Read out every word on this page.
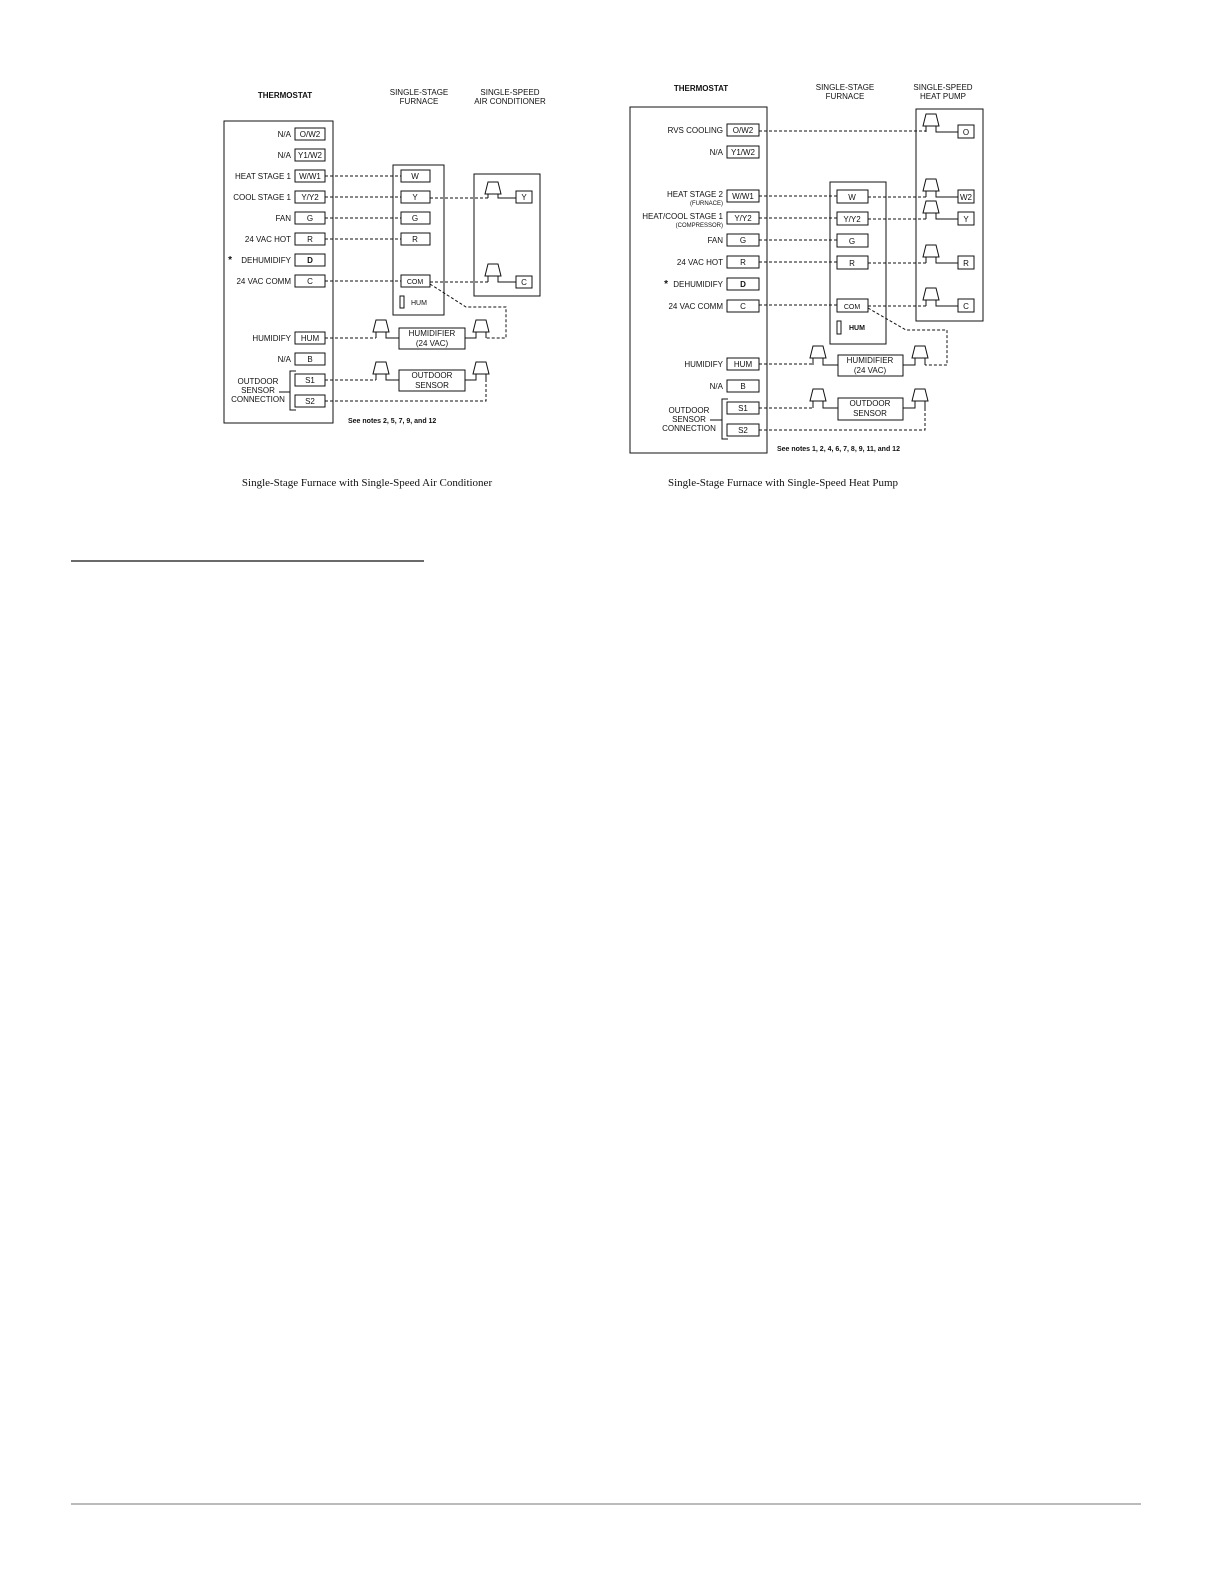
THERMOSTAT	SINGLE-STAGE
FURNACE
SINGLE-SPEED
AIR CONDITIONER
N/A O/W2
N/A Y1/W2
HEAT STAGE 1 W/W1
COOL STAGE 1 Y/Y2
FAN G
24 VAC HOT R
* DEHUMIDIFY D
24 VAC COMM C
HUMIDIFY HUM
N/A B
S1
S2
OUTDOOR
SENSOR
CONNECTION
W
Y
G
R
COM
HUM
Y
C
HUMIDIFIER
(24 VAC)
OUTDOOR
SENSOR
See notes 2, 5, 7, 9, and 12
Single-Stage Furnace with Single-Speed Air Conditioner
THERMOSTAT	SINGLE-STAGE
FURNACE
SINGLE-SPEED
HEAT PUMP
RVS COOLING O/W2
N/A Y1/W2
HEAT STAGE 2
(FURNACE)
W/W1
HEAT/COOL STAGE 1
(COMPRESSOR)
Y/Y2
FAN G
24 VAC HOT R
* DEHUMIDIFY D
24 VAC COMM C
HUMIDIFY HUM
N/A B
S1
S2
OUTDOOR
SENSOR
CONNECTION
W
Y/Y2
G
R
COM
HUM
O
W2
Y
R
C
HUMIDIFIER
(24 VAC)
OUTDOOR
SENSOR
See notes 1, 2, 4, 6, 7, 8, 9, 11, and 12
Single-Stage Furnace with Single-Speed Heat Pump
